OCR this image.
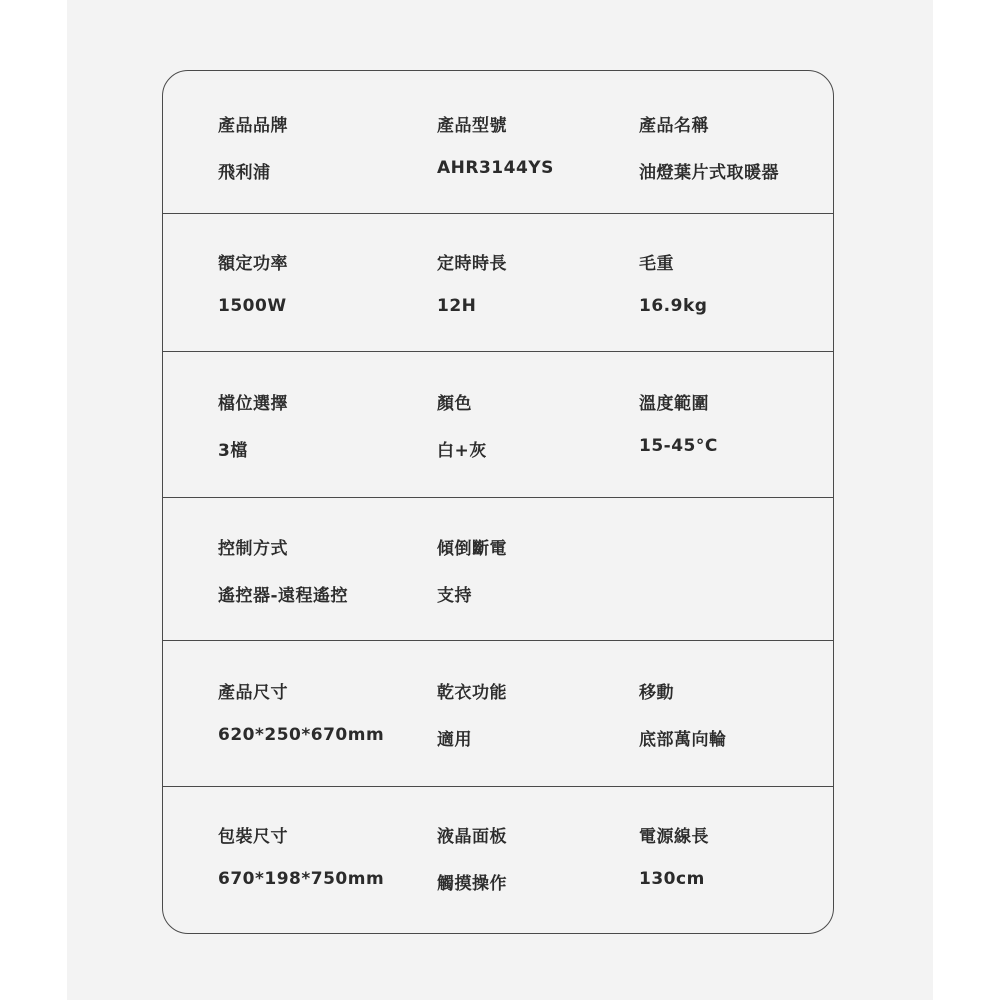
產品品牌
飛利浦
產品型號
AHR3144YS
產品名稱
油燈葉片式取暖器
額定功率
1500W
定時時長
12H
毛重
16.9kg
檔位選擇
3檔
顏色
白+灰
溫度範圍
15-45°C
控制方式
遙控器-遠程遙控
傾倒斷電
支持
產品尺寸
620*250*670mm
乾衣功能
適用
移動
底部萬向輪
包裝尺寸
670*198*750mm
液晶面板
觸摸操作
電源線長
130cm
